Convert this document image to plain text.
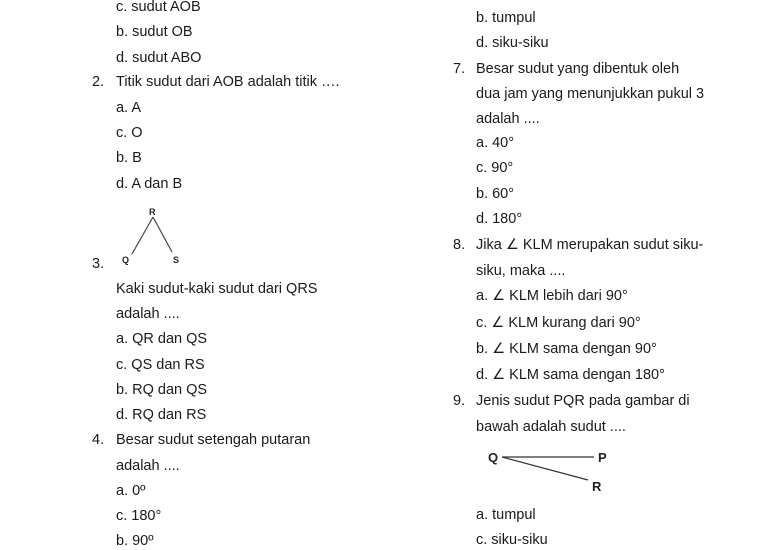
c. sudut AOB
b. sudut OB
d. sudut ABO
2. Titik sudut dari AOB adalah titik ….
a. A
c. O
b. B
d. A dan B
R
Q	S
3.
Kaki sudut-kaki sudut dari QRS
adalah ....
a. QR dan QS
c. QS dan RS
b. RQ dan QS
d. RQ dan RS
4. Besar sudut setengah putaran
adalah ....
a. 0º
c. 180°
b. 90º
b. tumpul
d. siku-siku
7. Besar sudut yang dibentuk oleh
dua jam yang menunjukkan pukul 3
adalah ....
a. 40°
c. 90°
b. 60°
d. 180°
8. Jika ∠ KLM merupakan sudut siku-
siku, maka ....
a. ∠ KLM lebih dari 90°
c. ∠ KLM kurang dari 90°
b. ∠ KLM sama dengan 90°
d. ∠ KLM sama dengan 180°
9. Jenis sudut PQR pada gambar di
bawah adalah sudut ....
Q	P
R
a. tumpul
c. siku-siku
